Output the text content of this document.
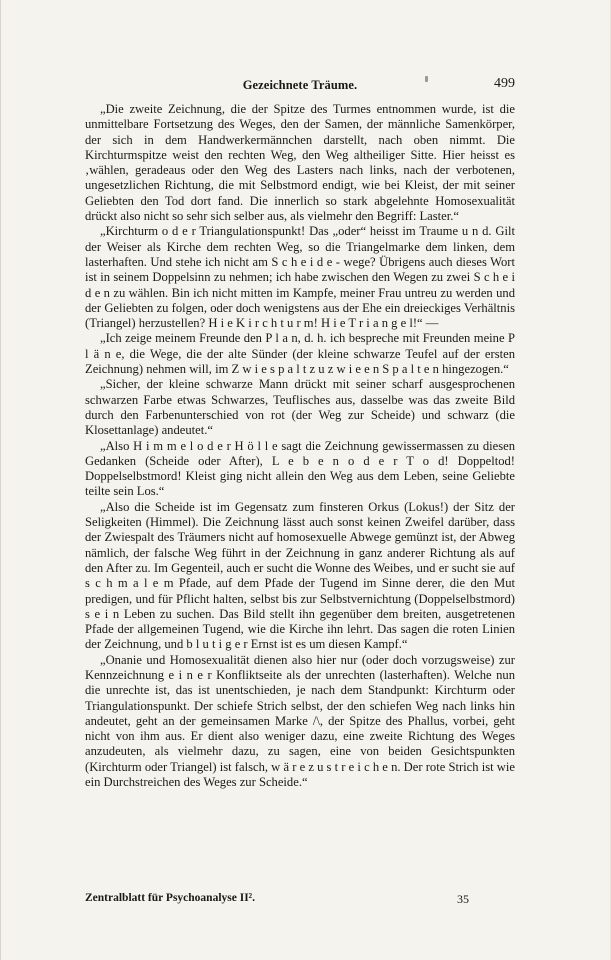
Gezeichnete Träume.	499

„Die zweite Zeichnung, die der Spitze des Turmes entnommen wurde, ist die unmittelbare Fortsetzung des Weges, den der Samen, der männliche Samenkörper, der sich in dem Handwerkermännchen darstellt, nach oben nimmt. Die Kirchturmspitze weist den rechten Weg, den Weg altheiliger Sitte. Hier heisst es ‚wählen, geradeaus oder den Weg des Lasters nach links, nach der verbotenen, ungesetzlichen Richtung, die mit Selbstmord endigt, wie bei Kleist, der mit seiner Geliebten den Tod dort fand. Die innerlich so stark abgelehnte Homosexualität drückt also nicht so sehr sich selber aus, als vielmehr den Begriff: Laster.“

„Kirchturm o d e r Triangulationspunkt! Das „oder“ heisst im Traume u n d. Gilt der Weiser als Kirche dem rechten Weg, so die Triangelmarke dem linken, dem lasterhaften. Und stehe ich nicht am S c h e i d e - wege? Übrigens auch dieses Wort ist in seinem Doppelsinn zu nehmen; ich habe zwischen den Wegen zu zwei S c h e i d e n zu wählen. Bin ich nicht mitten im Kampfe, meiner Frau untreu zu werden und der Geliebten zu folgen, oder doch wenigstens aus der Ehe ein dreieckiges Verhältnis (Triangel) herzustellen? H i e K i r c h t u r m! H i e T r i a n g e l!“ —

„Ich zeige meinem Freunde den P l a n, d. h. ich bespreche mit Freunden meine P l ä n e, die Wege, die der alte Sünder (der kleine schwarze Teufel auf der ersten Zeichnung) nehmen will, im Z w i e s p a l t z u z w i e e n S p a l t e n hingezogen.“

„Sicher, der kleine schwarze Mann drückt mit seiner scharf ausgesprochenen schwarzen Farbe etwas Schwarzes, Teuflisches aus, dasselbe was das zweite Bild durch den Farbenunterschied von rot (der Weg zur Scheide) und schwarz (die Klosettanlage) andeutet.“

„Also H i m m e l o d e r H ö l l e sagt die Zeichnung gewissermassen zu diesen Gedanken (Scheide oder After), L e b e n o d e r T o d! Doppeltod! Doppelselbstmord! Kleist ging nicht allein den Weg aus dem Leben, seine Geliebte teilte sein Los.“

„Also die Scheide ist im Gegensatz zum finsteren Orkus (Lokus!) der Sitz der Seligkeiten (Himmel). Die Zeichnung lässt auch sonst keinen Zweifel darüber, dass der Zwiespalt des Träumers nicht auf homosexuelle Abwege gemünzt ist, der Abweg nämlich, der falsche Weg führt in der Zeichnung in ganz anderer Richtung als auf den After zu. Im Gegenteil, auch er sucht die Wonne des Weibes, und er sucht sie auf s c h m a l e m Pfade, auf dem Pfade der Tugend im Sinne derer, die den Mut predigen, und für Pflicht halten, selbst bis zur Selbstvernichtung (Doppelselbstmord) s e i n Leben zu suchen. Das Bild stellt ihn gegenüber dem breiten, ausgetretenen Pfade der allgemeinen Tugend, wie die Kirche ihn lehrt. Das sagen die roten Linien der Zeichnung, und b l u t i g e r Ernst ist es um diesen Kampf.“

„Onanie und Homosexualität dienen also hier nur (oder doch vorzugsweise) zur Kennzeichnung e i n e r Konfliktseite als der unrechten (lasterhaften). Welche nun die unrechte ist, das ist unentschieden, je nach dem Standpunkt: Kirchturm oder Triangulationspunkt. Der schiefe Strich selbst, der den schiefen Weg nach links hin andeutet, geht an der gemeinsamen Marke /\, der Spitze des Phallus, vorbei, geht nicht von ihm aus. Er dient also weniger dazu, eine zweite Richtung des Weges anzudeuten, als vielmehr dazu, zu sagen, eine von beiden Gesichtspunkten (Kirchturm oder Triangel) ist falsch, w ä r e z u s t r e i c h e n. Der rote Strich ist wie ein Durchstreichen des Weges zur Scheide.“

Zentralblatt für Psychoanalyse II².	35
